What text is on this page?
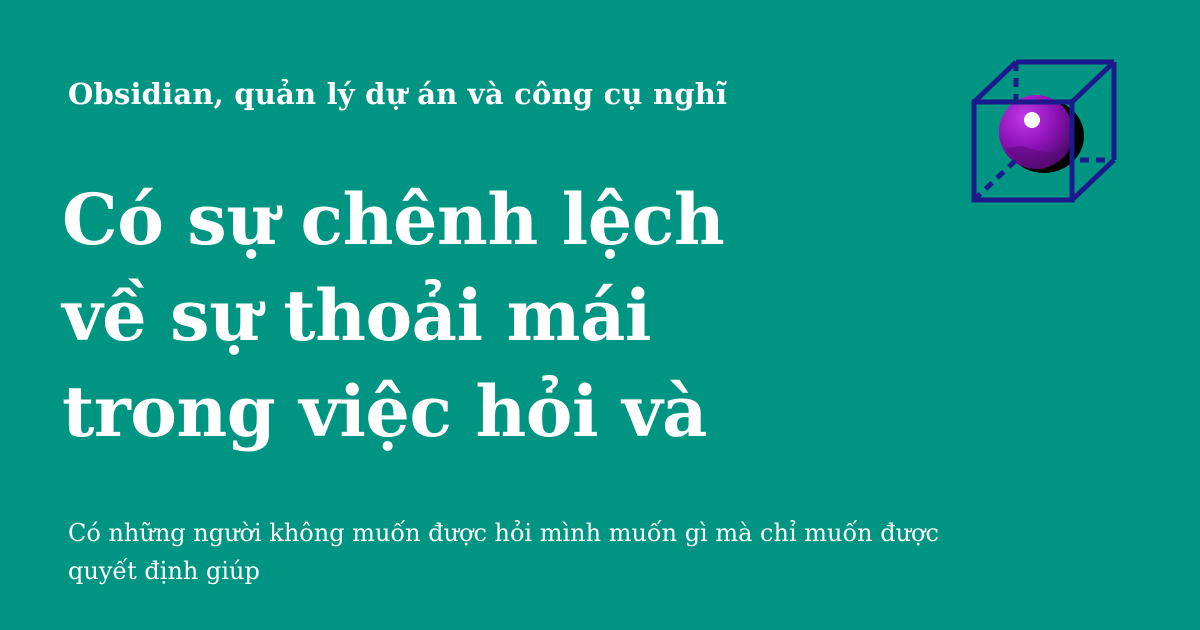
Obsidian, quản lý dự án và công cụ nghĩ

Có sự chênh lệch
về sự thoải mái
trong việc hỏi và

Có những người không muốn được hỏi mình muốn gì mà chỉ muốn được quyết định giúp
